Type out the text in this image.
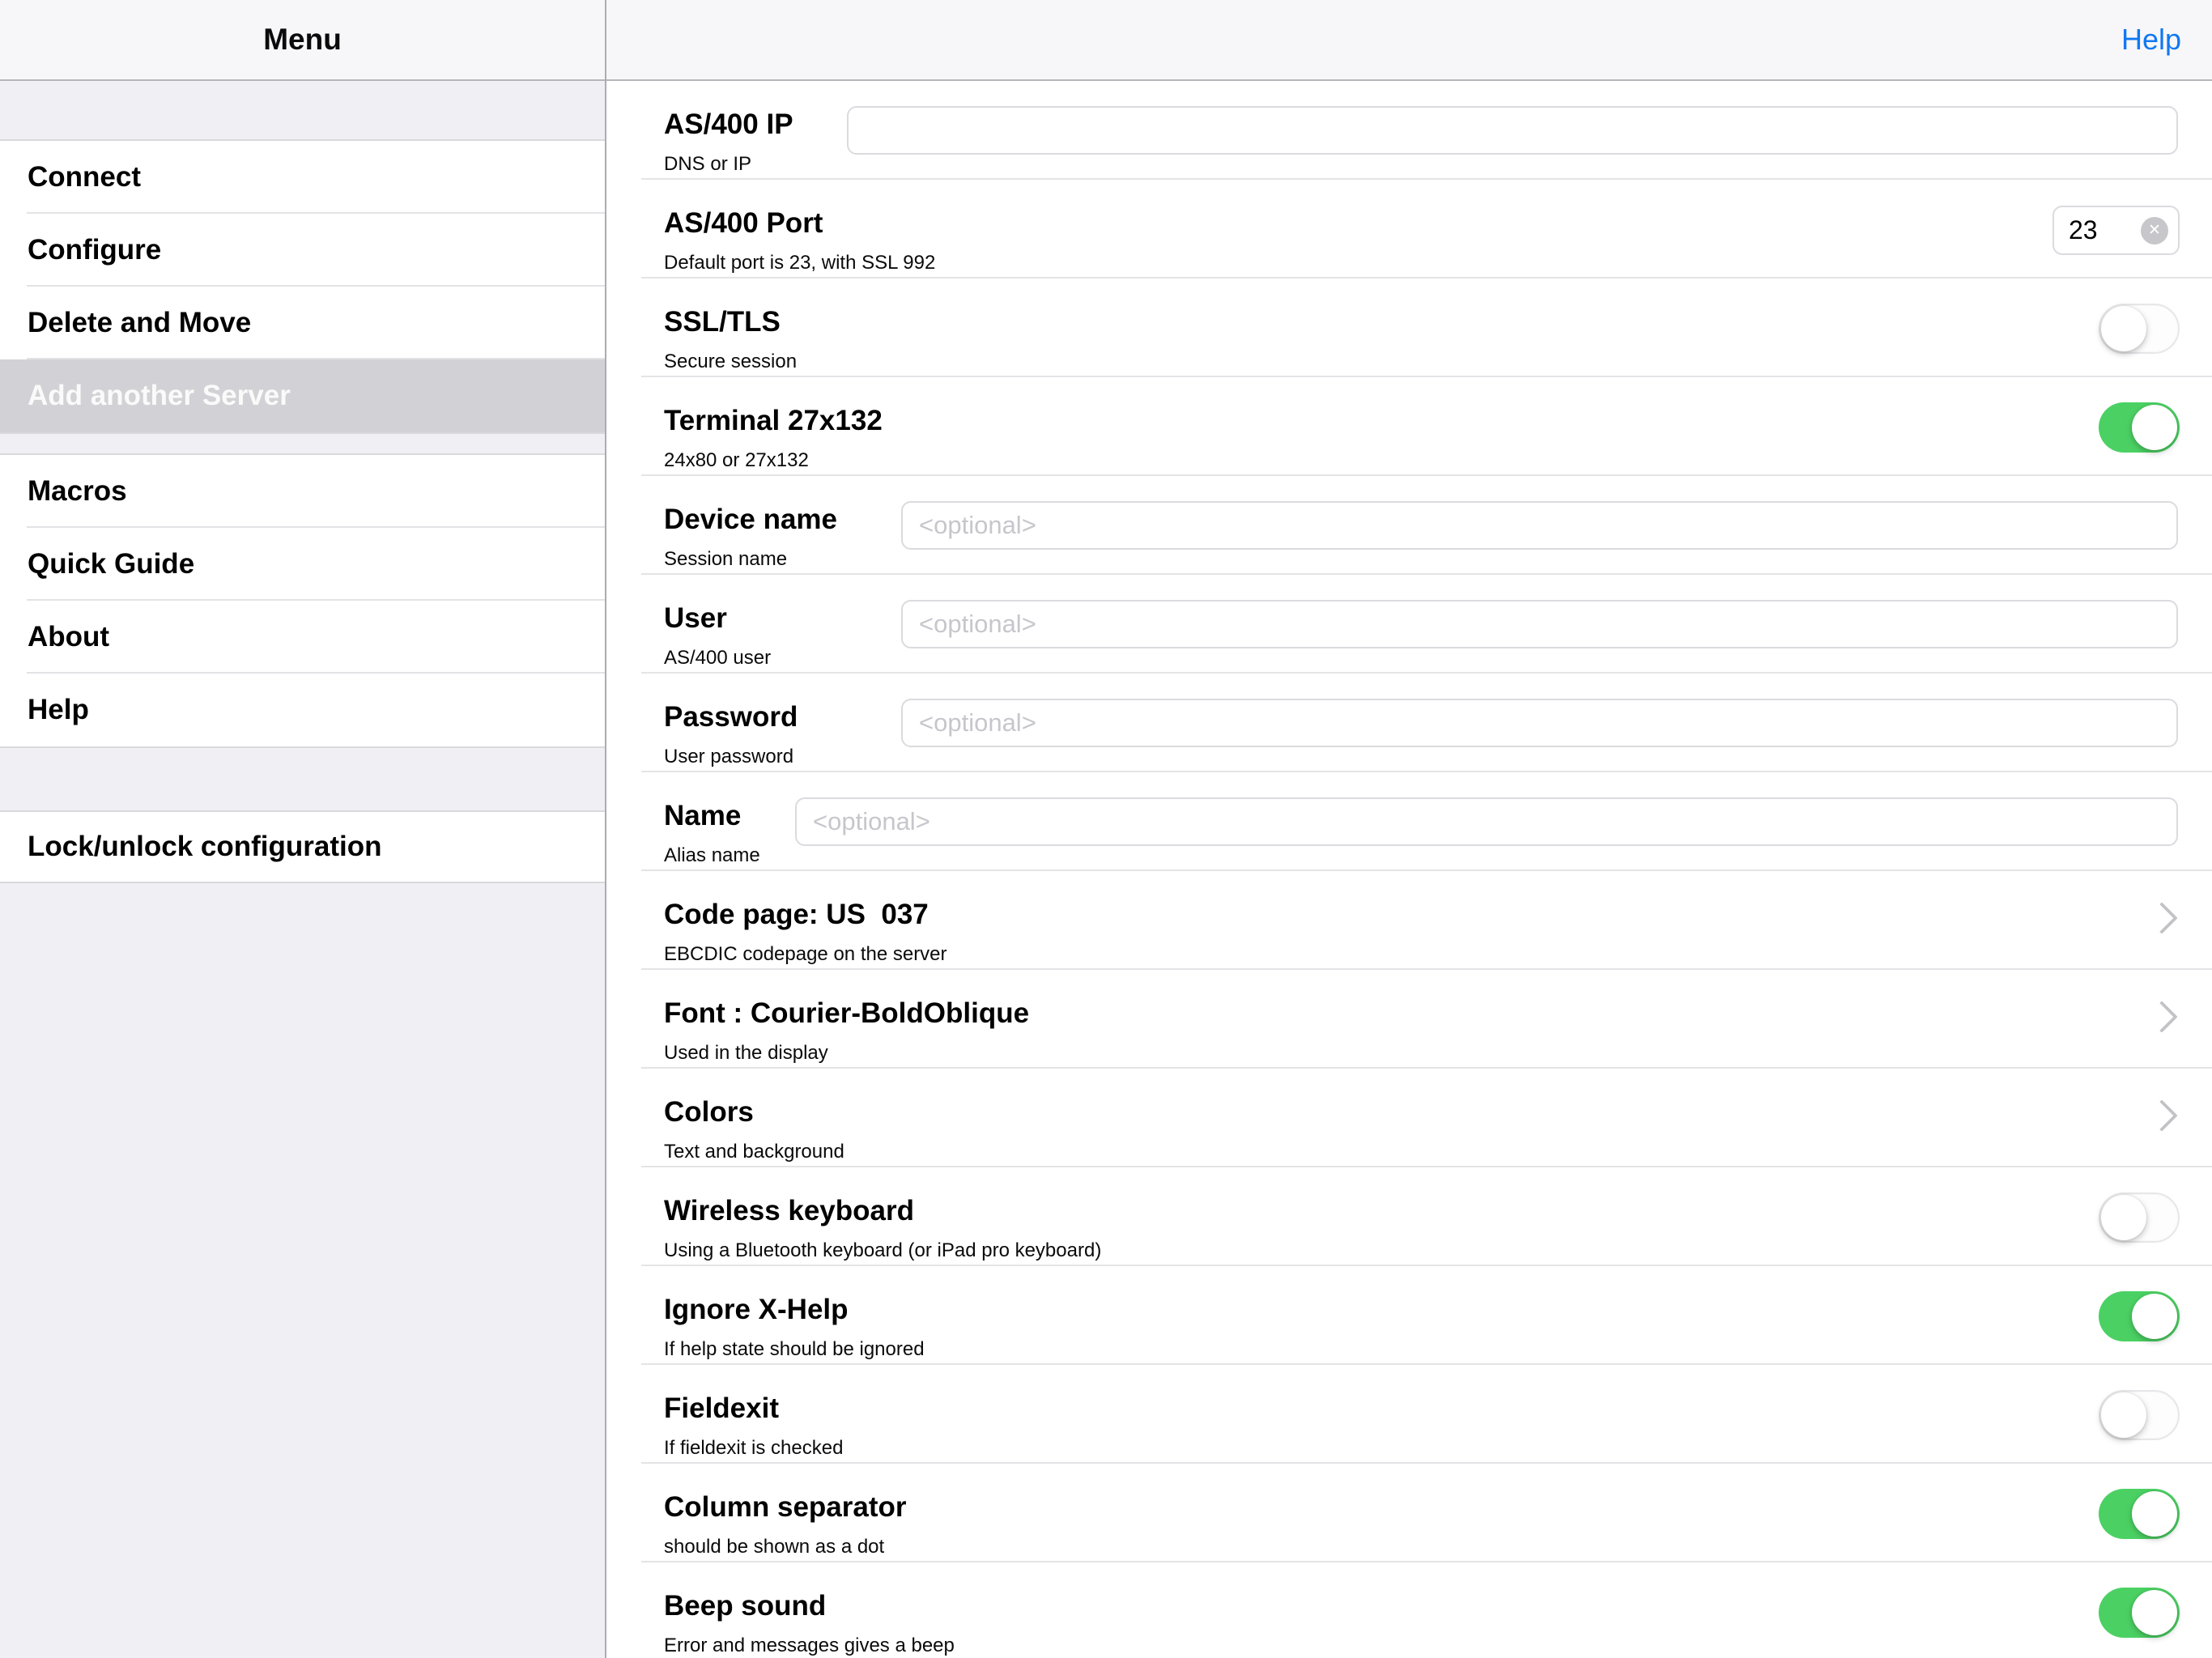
Menu
Connect
Configure
Delete and Move
Add another Server
Macros
Quick Guide
About
Help
Lock/unlock configuration
Help
AS/400 IP
DNS or IP
AS/400 Port
23	✕
Default port is 23, with SSL 992
SSL/TLS
Secure session
Terminal 27x132
24x80 or 27x132
Device name
<optional>
Session name
User
<optional>
AS/400 user
Password
<optional>
User password
Name
<optional>
Alias name
Code page: US  037
EBCDIC codepage on the server
Font : Courier-BoldOblique
Used in the display
Colors
Text and background
Wireless keyboard
Using a Bluetooth keyboard (or iPad pro keyboard)
Ignore X-Help
If help state should be ignored
Fieldexit
If fieldexit is checked
Column separator
should be shown as a dot
Beep sound
Error and messages gives a beep
